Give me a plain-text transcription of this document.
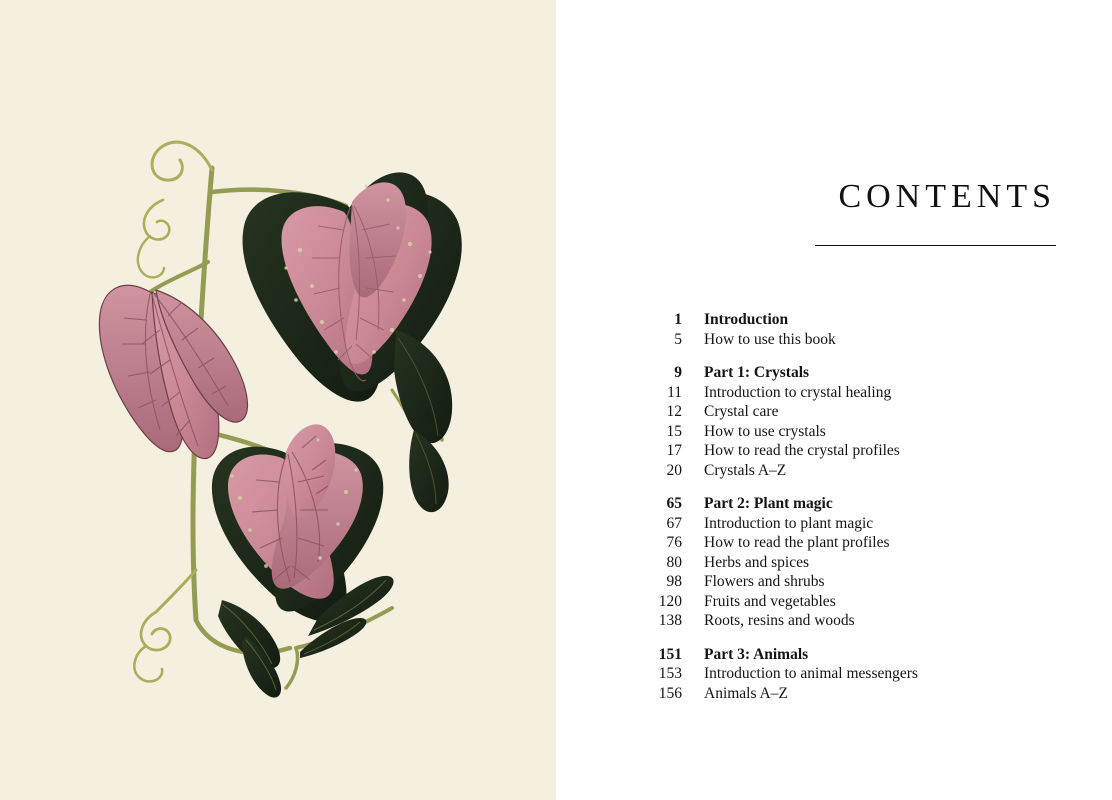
CONTENTS
1	Introduction
5	How to use this book
9	Part 1: Crystals
11	Introduction to crystal healing
12	Crystal care
15	How to use crystals
17	How to read the crystal profiles
20	Crystals A–Z
65	Part 2: Plant magic
67	Introduction to plant magic
76	How to read the plant profiles
80	Herbs and spices
98	Flowers and shrubs
120	Fruits and vegetables
138	Roots, resins and woods
151	Part 3: Animals
153	Introduction to animal messengers
156	Animals A–Z
